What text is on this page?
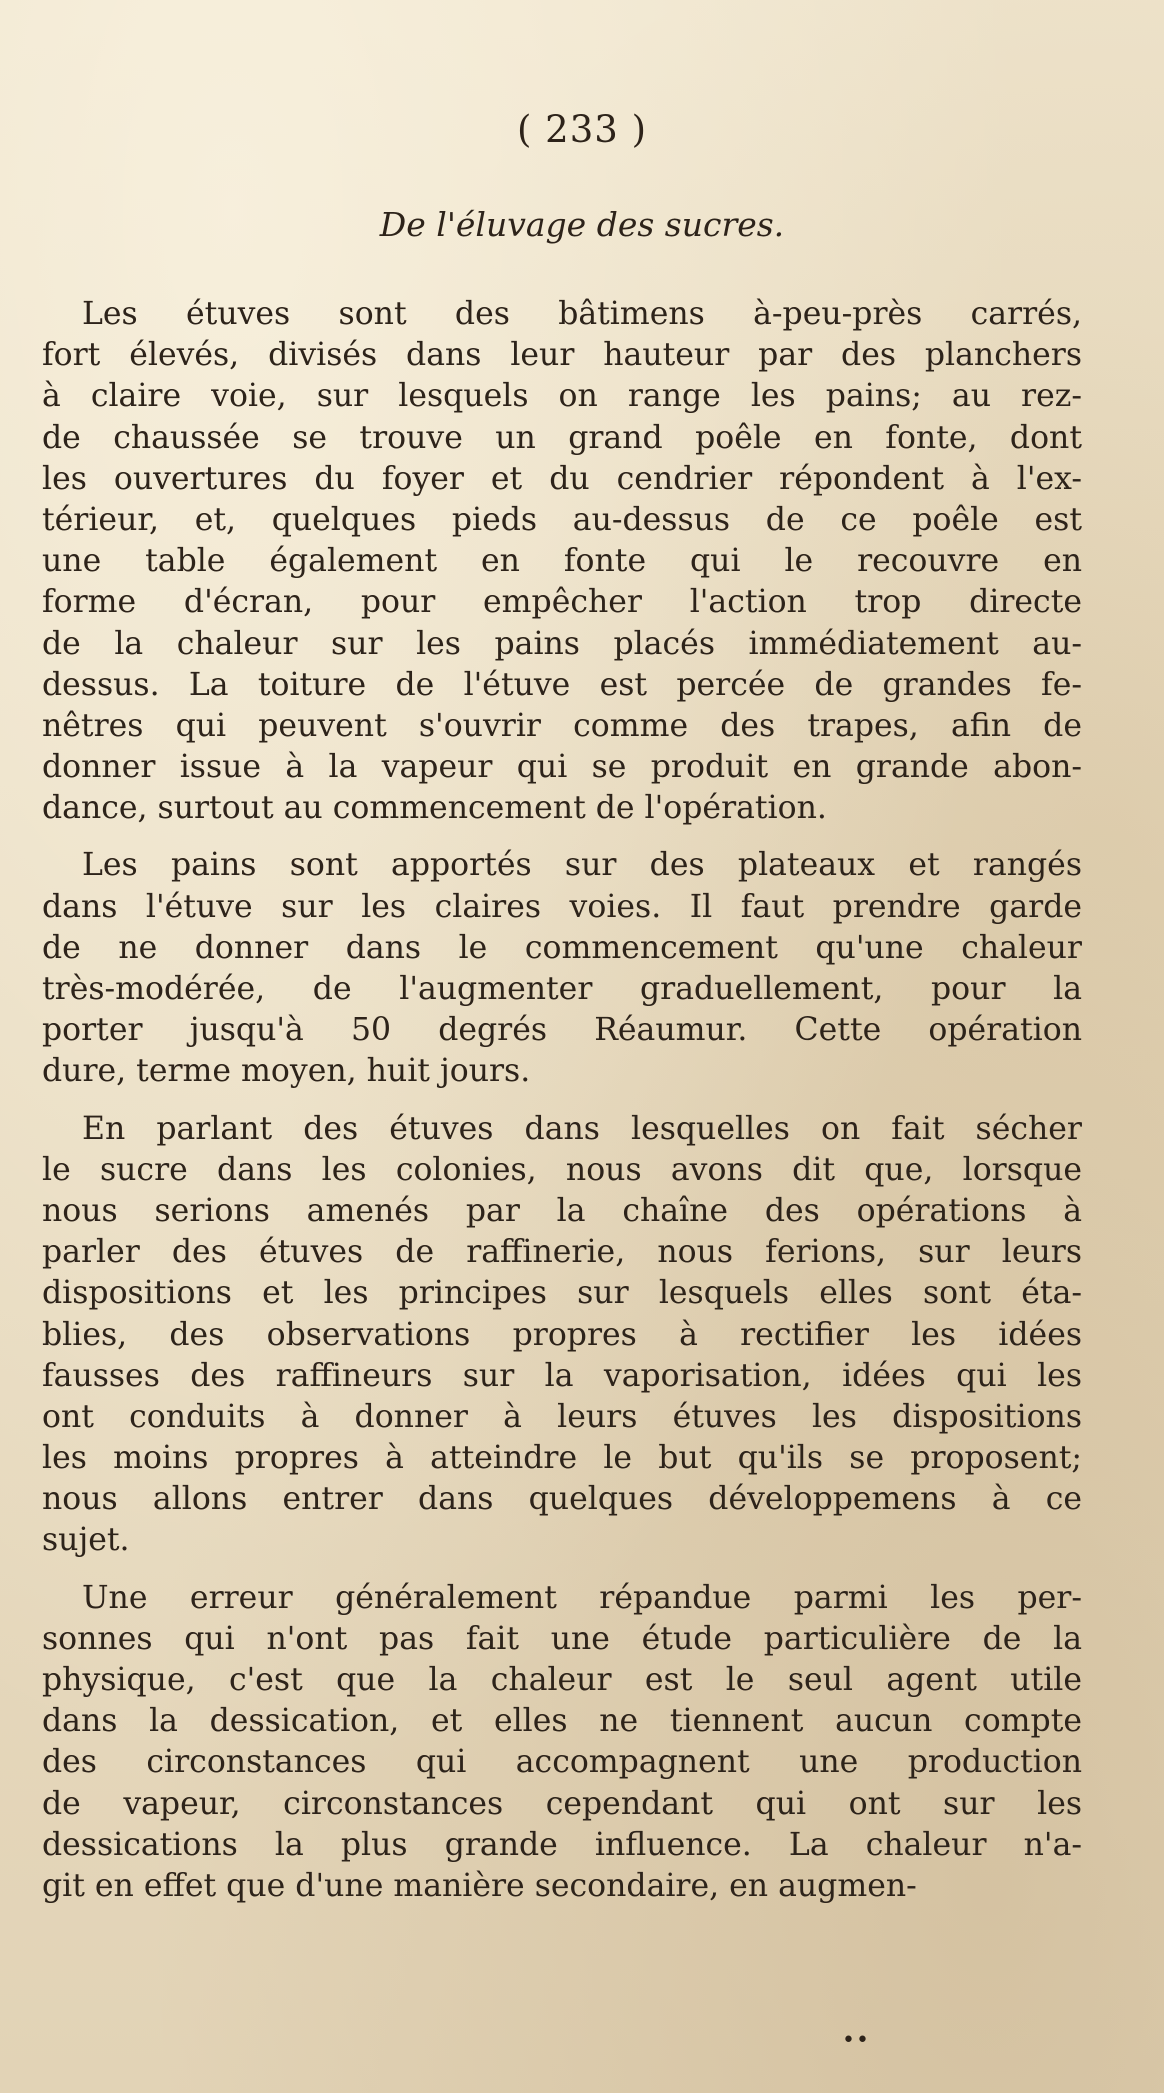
( 233 )
De l'éluvage des sucres.
Les étuves sont des bâtimens à-peu-près carrés,
fort élevés, divisés dans leur hauteur par des planchers
à claire voie, sur lesquels on range les pains; au rez-
de chaussée se trouve un grand poêle en fonte, dont
les ouvertures du foyer et du cendrier répondent à l'ex-
térieur, et, quelques pieds au-dessus de ce poêle est
une table également en fonte qui le recouvre en
forme d'écran, pour empêcher l'action trop directe
de la chaleur sur les pains placés immédiatement au-
dessus. La toiture de l'étuve est percée de grandes fe-
nêtres qui peuvent s'ouvrir comme des trapes, afin de
donner issue à la vapeur qui se produit en grande abon-
dance, surtout au commencement de l'opération.
Les pains sont apportés sur des plateaux et rangés
dans l'étuve sur les claires voies. Il faut prendre garde
de ne donner dans le commencement qu'une chaleur
très-modérée, de l'augmenter graduellement, pour la
porter jusqu'à 50 degrés Réaumur. Cette opération
dure, terme moyen, huit jours.
En parlant des étuves dans lesquelles on fait sécher
le sucre dans les colonies, nous avons dit que, lorsque
nous serions amenés par la chaîne des opérations à
parler des étuves de raffinerie, nous ferions, sur leurs
dispositions et les principes sur lesquels elles sont éta-
blies, des observations propres à rectifier les idées
fausses des raffineurs sur la vaporisation, idées qui les
ont conduits à donner à leurs étuves les dispositions
les moins propres à atteindre le but qu'ils se proposent;
nous allons entrer dans quelques développemens à ce
sujet.
Une erreur généralement répandue parmi les per-
sonnes qui n'ont pas fait une étude particulière de la
physique, c'est que la chaleur est le seul agent utile
dans la dessication, et elles ne tiennent aucun compte
des circonstances qui accompagnent une production
de vapeur, circonstances cependant qui ont sur les
dessications la plus grande influence. La chaleur n'a-
git en effet que d'une manière secondaire, en augmen-
••
